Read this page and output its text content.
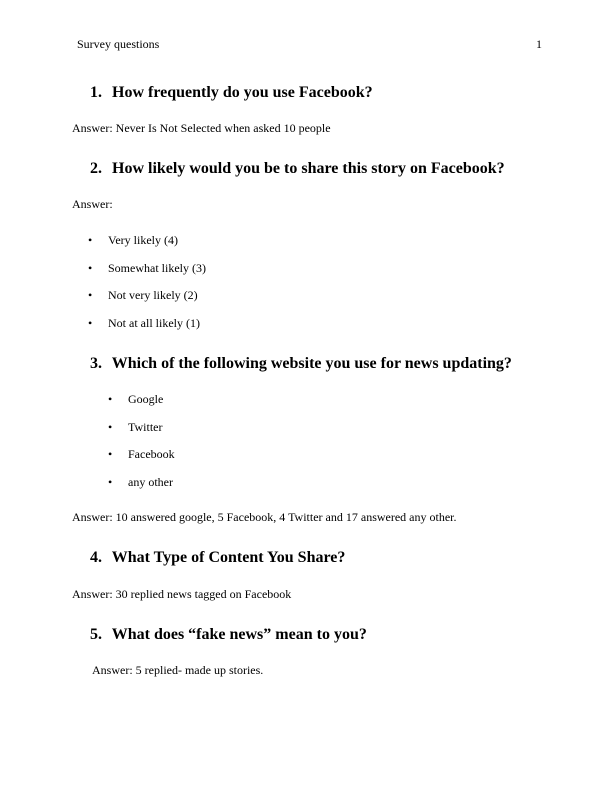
Survey questions	1
1. How frequently do you use Facebook?
Answer: Never Is Not Selected when asked 10 people
2. How likely would you be to share this story on Facebook?
Answer:
• Very likely (4)
• Somewhat likely (3)
• Not very likely (2)
• Not at all likely (1)
3. Which of the following website you use for news updating?
• Google
• Twitter
• Facebook
• any other
Answer: 10 answered google, 5 Facebook, 4 Twitter and 17 answered any other.
4. What Type of Content You Share?
Answer: 30 replied news tagged on Facebook
5. What does “fake news” mean to you?
Answer: 5 replied- made up stories.
